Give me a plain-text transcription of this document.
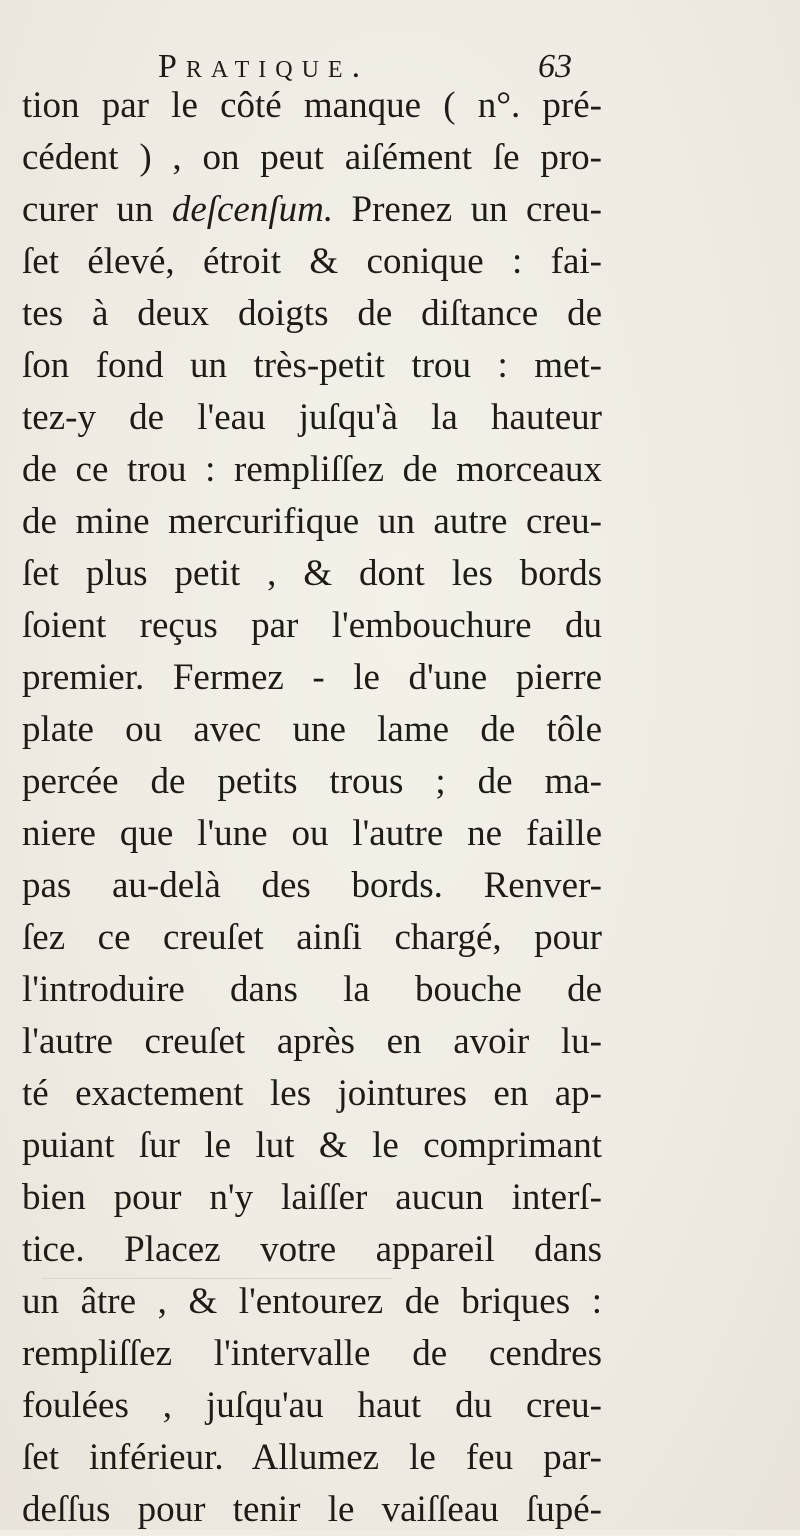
Pratique.	63
tion par le côté manque ( n°. pré-
cédent ) , on peut aiſément ſe pro-
curer un deſcenſum. Prenez un creu-
ſet élevé, étroit & conique : fai-
tes à deux doigts de diſtance de
ſon fond un très-petit trou : met-
tez-y de l'eau juſqu'à la hauteur
de ce trou : rempliſſez de morceaux
de mine mercurifique un autre creu-
ſet plus petit , & dont les bords
ſoient reçus par l'embouchure du
premier. Fermez - le d'une pierre
plate ou avec une lame de tôle
percée de petits trous ; de ma-
niere que l'une ou l'autre ne faille
pas au-delà des bords. Renver-
ſez ce creuſet ainſi chargé, pour
l'introduire dans la bouche de
l'autre creuſet après en avoir lu-
té exactement les jointures en ap-
puiant ſur le lut & le comprimant
bien pour n'y laiſſer aucun interſ-
tice. Placez votre appareil dans
un âtre , & l'entourez de briques :
rempliſſez l'intervalle de cendres
foulées , juſqu'au haut du creu-
ſet inférieur. Allumez le feu par-
deſſus pour tenir le vaiſſeau ſupé-
